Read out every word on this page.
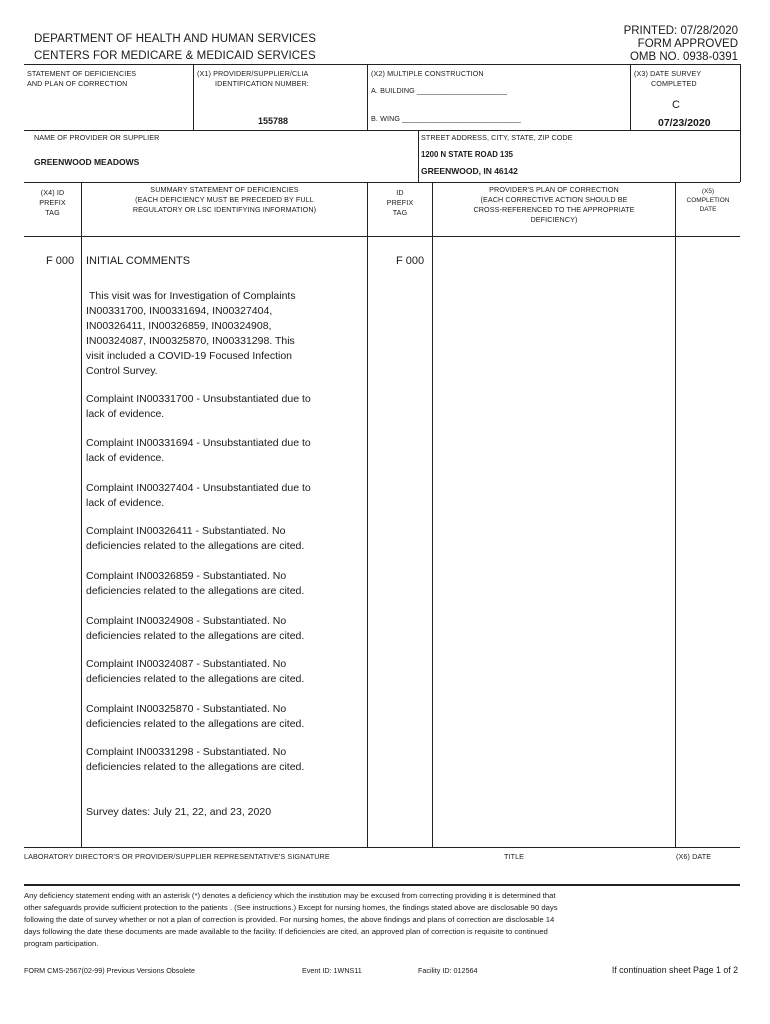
DEPARTMENT OF HEALTH AND HUMAN SERVICES
CENTERS FOR MEDICARE & MEDICAID SERVICES
PRINTED: 07/28/2020
FORM APPROVED
OMB NO. 0938-0391
STATEMENT OF DEFICIENCIES
AND PLAN OF CORRECTION
(X1) PROVIDER/SUPPLIER/CLIA
IDENTIFICATION NUMBER:
155788
(X2) MULTIPLE CONSTRUCTION
A. BUILDING ______________________
B. WING _____________________________
(X3) DATE SURVEY
COMPLETED
C
07/23/2020
NAME OF PROVIDER OR SUPPLIER
GREENWOOD MEADOWS
STREET ADDRESS, CITY, STATE, ZIP CODE
1200 N STATE ROAD 135
GREENWOOD, IN 46142
(X4) ID
PREFIX
TAG
SUMMARY STATEMENT OF DEFICIENCIES
(EACH DEFICIENCY MUST BE PRECEDED BY FULL
REGULATORY OR LSC IDENTIFYING INFORMATION)
ID
PREFIX
TAG
PROVIDER'S PLAN OF CORRECTION
(EACH CORRECTIVE ACTION SHOULD BE
CROSS-REFERENCED TO THE APPROPRIATE
DEFICIENCY)
(X5)
COMPLETION
DATE
F 000 INITIAL COMMENTS	F 000
This visit was for Investigation of Complaints
IN00331700, IN00331694, IN00327404,
IN00326411, IN00326859, IN00324908,
IN00324087, IN00325870, IN00331298. This
visit included a COVID-19 Focused Infection
Control Survey.
Complaint IN00331700 - Unsubstantiated due to
lack of evidence.
Complaint IN00331694 - Unsubstantiated due to
lack of evidence.
Complaint IN00327404 - Unsubstantiated due to
lack of evidence.
Complaint IN00326411 - Substantiated. No
deficiencies related to the allegations are cited.
Complaint IN00326859 - Substantiated. No
deficiencies related to the allegations are cited.
Complaint IN00324908 - Substantiated. No
deficiencies related to the allegations are cited.
Complaint IN00324087 - Substantiated. No
deficiencies related to the allegations are cited.
Complaint IN00325870 - Substantiated. No
deficiencies related to the allegations are cited.
Complaint IN00331298 - Substantiated. No
deficiencies related to the allegations are cited.
Survey dates: July 21, 22, and 23, 2020
LABORATORY DIRECTOR'S OR PROVIDER/SUPPLIER REPRESENTATIVE'S SIGNATURE	TITLE	(X6) DATE
Any deficiency statement ending with an asterisk (*) denotes a deficiency which the institution may be excused from correcting providing it is determined that
other safeguards provide sufficient protection to the patients . (See instructions.) Except for nursing homes, the findings stated above are disclosable 90 days
following the date of survey whether or not a plan of correction is provided. For nursing homes, the above findings and plans of correction are disclosable 14
days following the date these documents are made available to the facility. If deficiencies are cited, an approved plan of correction is requisite to continued
program participation.
FORM CMS-2567(02-99) Previous Versions Obsolete	Event ID: 1WNS11	Facility ID: 012564	If continuation sheet Page 1 of 2
